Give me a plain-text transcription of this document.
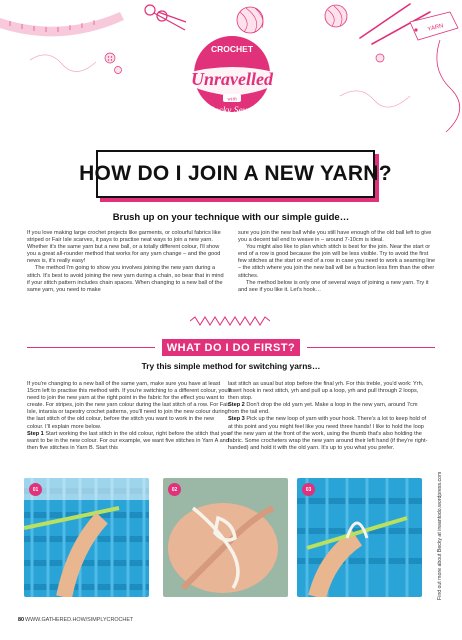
YARN
CROCHET
Unravelled
with
Becky Seuse
HOW DO I JOIN A NEW YARN?
Brush up on your technique with our simple guide…

If you love making large crochet projects like garments, or colourful fabrics like striped or Fair Isle scarves, it pays to practise neat ways to join a new yarn. Whether it's the same yarn but a new ball, or a totally different colour, I'll show you a great all-rounder method that works for any yarn change – and the good news is, it's really easy!

The method I'm going to show you involves joining the new yarn during a stitch. It's best to avoid joining the new yarn during a chain, so bear that in mind if your stitch pattern includes chain spaces. When changing to a new ball of the same yarn, you need to make

sure you join the new ball while you still have enough of the old ball left to give you a decent tail end to weave in – around 7-10cm is ideal.

You might also like to plan which stitch is best for the join. Near the start or end of a row is good because the join will be less visible. Try to avoid the first few stitches at the start or end of a row in case you need to work a seaming line – the stitch where you join the new ball will be a fraction less firm than the other stitches.

The method below is only one of several ways of joining a new yarn. Try it and see if you like it. Let's hook…

WHAT DO I DO FIRST?
Try this simple method for switching yarns…

If you're changing to a new ball of the same yarn, make sure you have at least 15cm left to practise this method with. If you're switching to a different colour, you'll need to join the new yarn at the right point in the fabric for the effect you want to create. For stripes, join the new yarn colour during the last stitch of a row. For Fair Isle, intarsia or tapestry crochet patterns, you'll need to join the new colour during the last stitch of the old colour, before the stitch you want to work in the new colour. I'll explain more below.

Step 1 Start working the last stitch in the old colour, right before the stitch that you want to be in the new colour. For our example, we want five stitches in Yarn A and then five stitches in Yarn B. Start this

last stitch as usual but stop before the final yrh. For this treble, you'd work: Yrh, insert hook in next stitch, yrh and pull up a loop, yrh and pull through 2 loops, then stop.

Step 2 Don't drop the old yarn yet. Make a loop in the new yarn, around 7cm from the tail end.

Step 3 Pick up the new loop of yarn with your hook. There's a lot to keep hold of at this point and you might feel like you need three hands! I like to hold the loop of the new yarn at the front of the work, using the thumb that's also holding the fabric. Some crocheters wrap the new yarn around their left hand (if they're right-handed) and hold it with the old yarn. It's up to you what you prefer.

01	02	03	Find out more about Becky at irwantodo.wordpress.com
80WWW.GATHERED.HOW/SIMPLYCROCHET
